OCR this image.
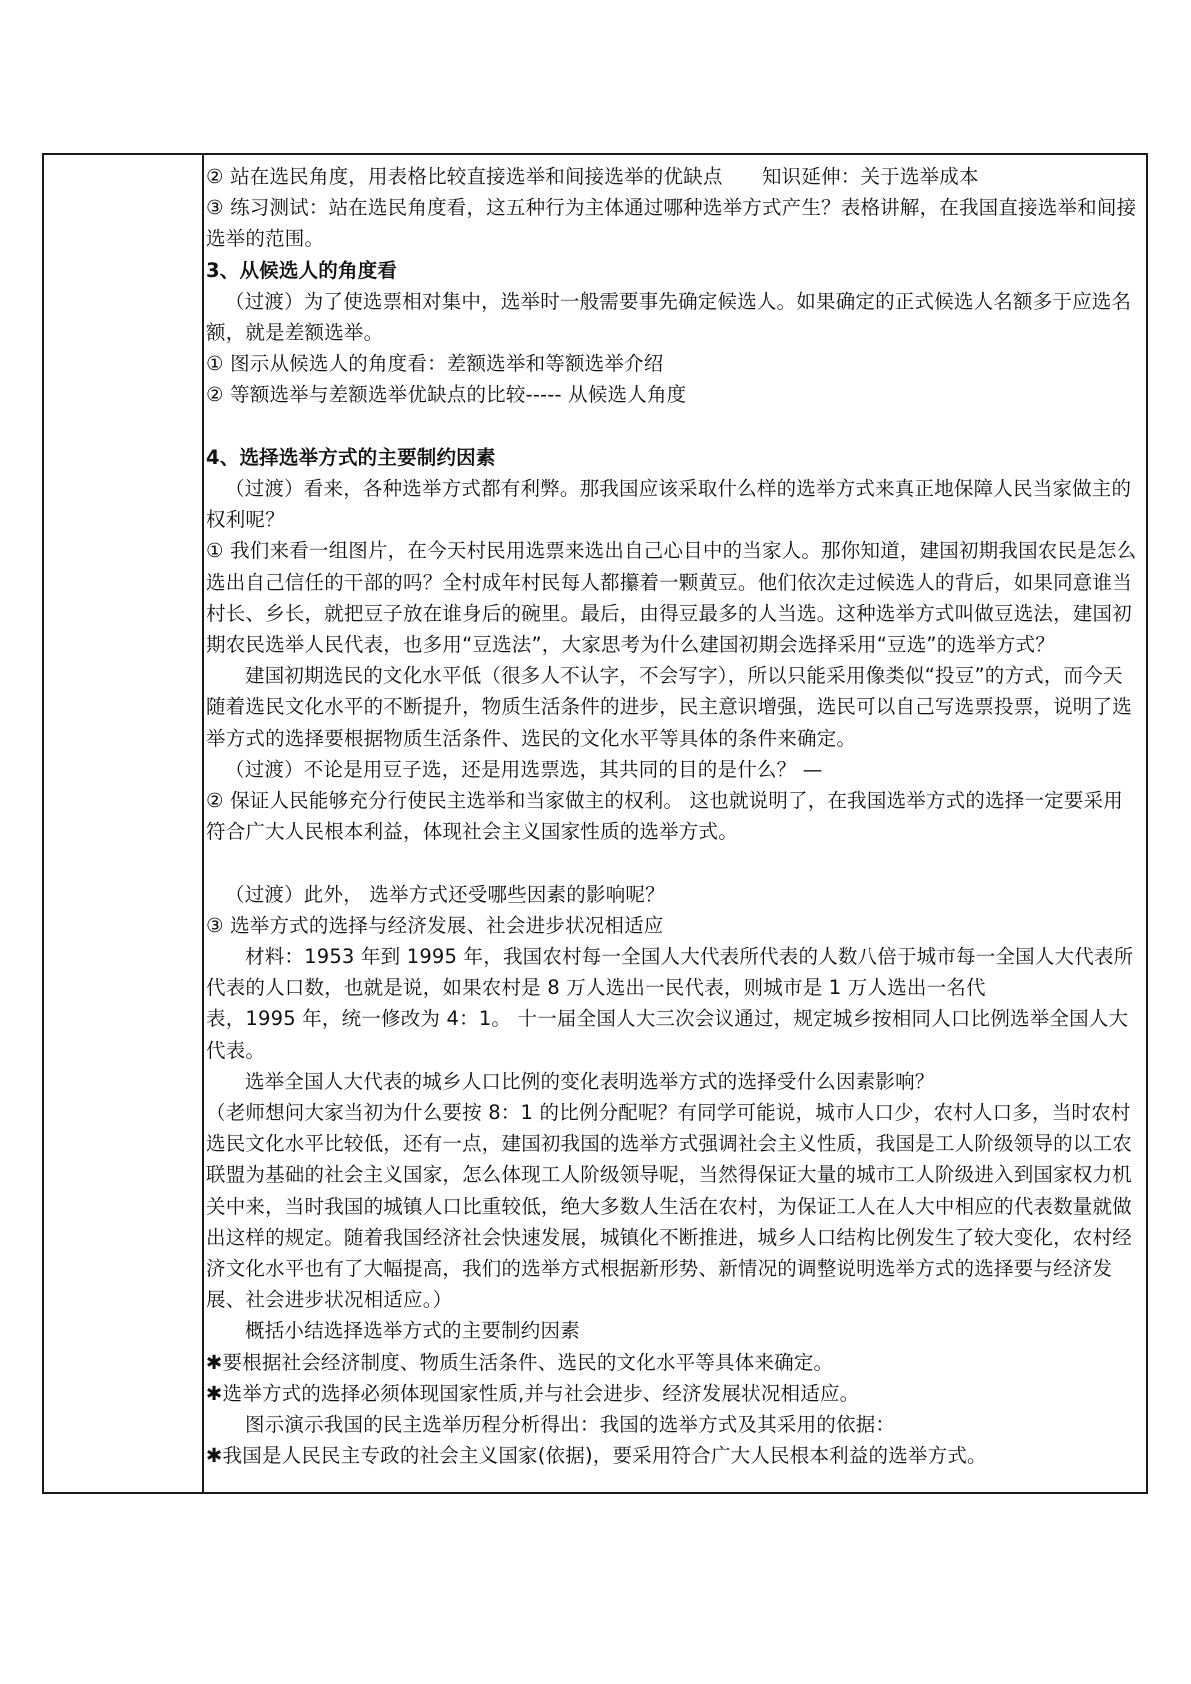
② 站在选民角度，用表格比较直接选举和间接选举的优缺点　　知识延伸：关于选举成本

③ 练习测试：站在选民角度看，这五种行为主体通过哪种选举方式产生？表格讲解，在我国直接选举和间接选举的范围。

3、从候选人的角度看

（过渡）为了使选票相对集中，选举时一般需要事先确定候选人。如果确定的正式候选人名额多于应选名额，就是差额选举。

① 图示从候选人的角度看：差额选举和等额选举介绍

② 等额选举与差额选举优缺点的比较----- 从候选人角度

4、选择选举方式的主要制约因素

（过渡）看来，各种选举方式都有利弊。那我国应该采取什么样的选举方式来真正地保障人民当家做主的权利呢？

① 我们来看一组图片，在今天村民用选票来选出自己心目中的当家人。那你知道，建国初期我国农民是怎么选出自己信任的干部的吗？全村成年村民每人都攥着一颗黄豆。他们依次走过候选人的背后，如果同意谁当村长、乡长，就把豆子放在谁身后的碗里。最后，由得豆最多的人当选。这种选举方式叫做豆选法，建国初期农民选举人民代表，也多用“豆选法”，大家思考为什么建国初期会选择采用“豆选”的选举方式？

建国初期选民的文化水平低（很多人不认字，不会写字），所以只能采用像类似“投豆”的方式，而今天随着选民文化水平的不断提升，物质生活条件的进步，民主意识增强，选民可以自己写选票投票，说明了选举方式的选择要根据物质生活条件、选民的文化水平等具体的条件来确定。

（过渡）不论是用豆子选，还是用选票选，其共同的目的是什么？ —

② 保证人民能够充分行使民主选举和当家做主的权利。 这也就说明了，在我国选举方式的选择一定要采用符合广大人民根本利益，体现社会主义国家性质的选举方式。

（过渡）此外， 选举方式还受哪些因素的影响呢？

③ 选举方式的选择与经济发展、社会进步状况相适应

材料：1953 年到 1995 年，我国农村每一全国人大代表所代表的人数八倍于城市每一全国人大代表所代表的人口数，也就是说，如果农村是 8 万人选出一民代表，则城市是 1 万人选出一名代

表，1995 年，统一修改为 4：1。 十一届全国人大三次会议通过，规定城乡按相同人口比例选举全国人大代表。

选举全国人大代表的城乡人口比例的变化表明选举方式的选择受什么因素影响？

（老师想问大家当初为什么要按 8：1 的比例分配呢？有同学可能说，城市人口少，农村人口多，当时农村选民文化水平比较低，还有一点，建国初我国的选举方式强调社会主义性质，我国是工人阶级领导的以工农联盟为基础的社会主义国家，怎么体现工人阶级领导呢，当然得保证大量的城市工人阶级进入到国家权力机关中来，当时我国的城镇人口比重较低，绝大多数人生活在农村，为保证工人在人大中相应的代表数量就做出这样的规定。随着我国经济社会快速发展，城镇化不断推进，城乡人口结构比例发生了较大变化，农村经济文化水平也有了大幅提高，我们的选举方式根据新形势、新情况的调整说明选举方式的选择要与经济发展、社会进步状况相适应。）

概括小结选择选举方式的主要制约因素

✱要根据社会经济制度、物质生活条件、选民的文化水平等具体来确定。

✱选举方式的选择必须体现国家性质,并与社会进步、经济发展状况相适应。

图示演示我国的民主选举历程分析得出：我国的选举方式及其采用的依据：

✱我国是人民民主专政的社会主义国家(依据)，要采用符合广大人民根本利益的选举方式。
